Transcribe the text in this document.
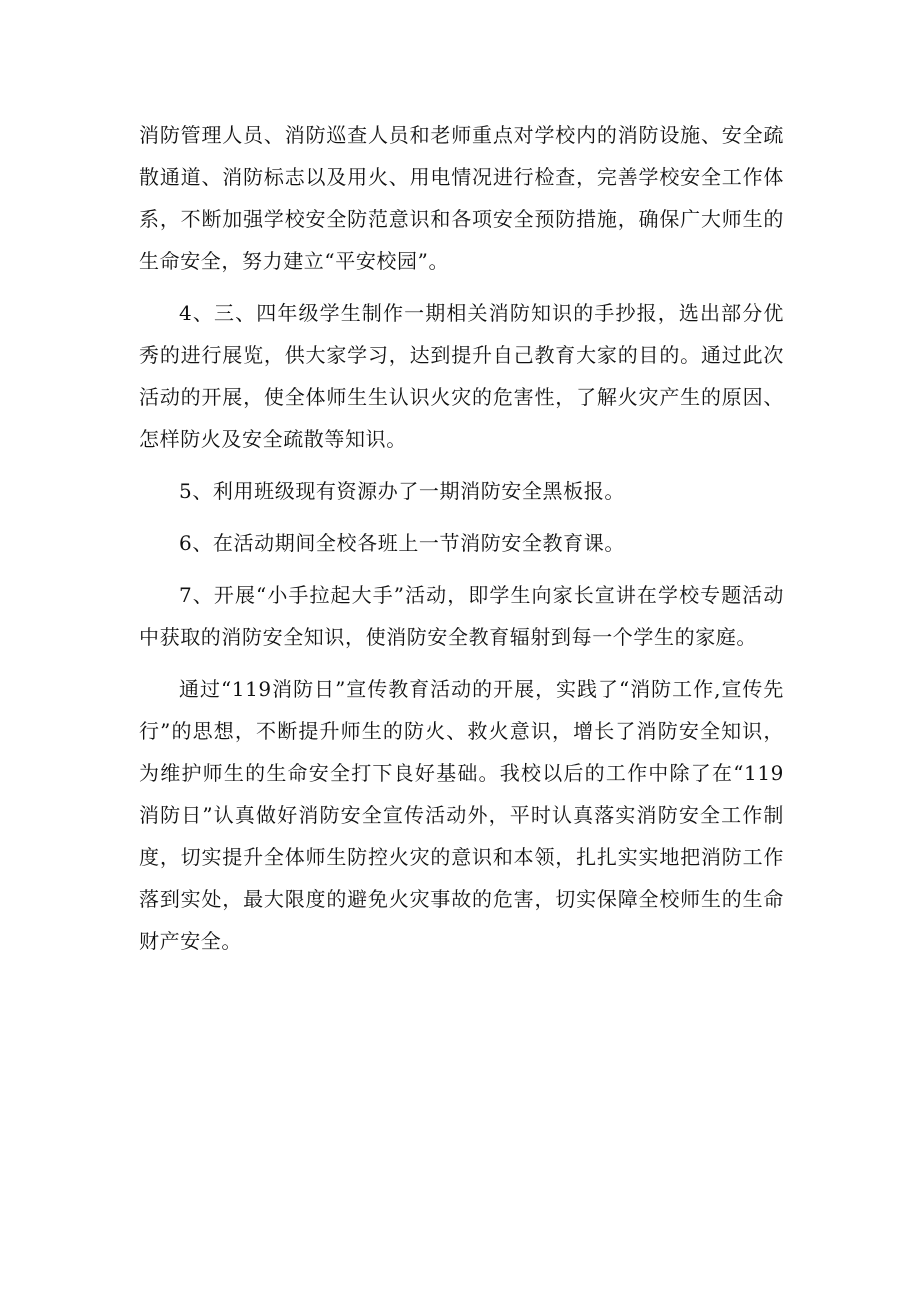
消防管理人员、消防巡查人员和老师重点对学校内的消防设施、安全疏散通道、消防标志以及用火、用电情况进行检查，完善学校安全工作体系，不断加强学校安全防范意识和各项安全预防措施，确保广大师生的生命安全，努力建立“平安校园”。

4、三、四年级学生制作一期相关消防知识的手抄报，选出部分优秀的进行展览，供大家学习，达到提升自己教育大家的目的。通过此次活动的开展，使全体师生生认识火灾的危害性，了解火灾产生的原因、怎样防火及安全疏散等知识。

5、利用班级现有资源办了一期消防安全黑板报。

6、在活动期间全校各班上一节消防安全教育课。

7、开展“小手拉起大手”活动，即学生向家长宣讲在学校专题活动中获取的消防安全知识，使消防安全教育辐射到每一个学生的家庭。

通过“119消防日”宣传教育活动的开展，实践了“消防工作,宣传先行”的思想，不断提升师生的防火、救火意识，增长了消防安全知识，为维护师生的生命安全打下良好基础。我校以后的工作中除了在“119消防日”认真做好消防安全宣传活动外，平时认真落实消防安全工作制度，切实提升全体师生防控火灾的意识和本领，扎扎实实地把消防工作落到实处，最大限度的避免火灾事故的危害，切实保障全校师生的生命财产安全。
